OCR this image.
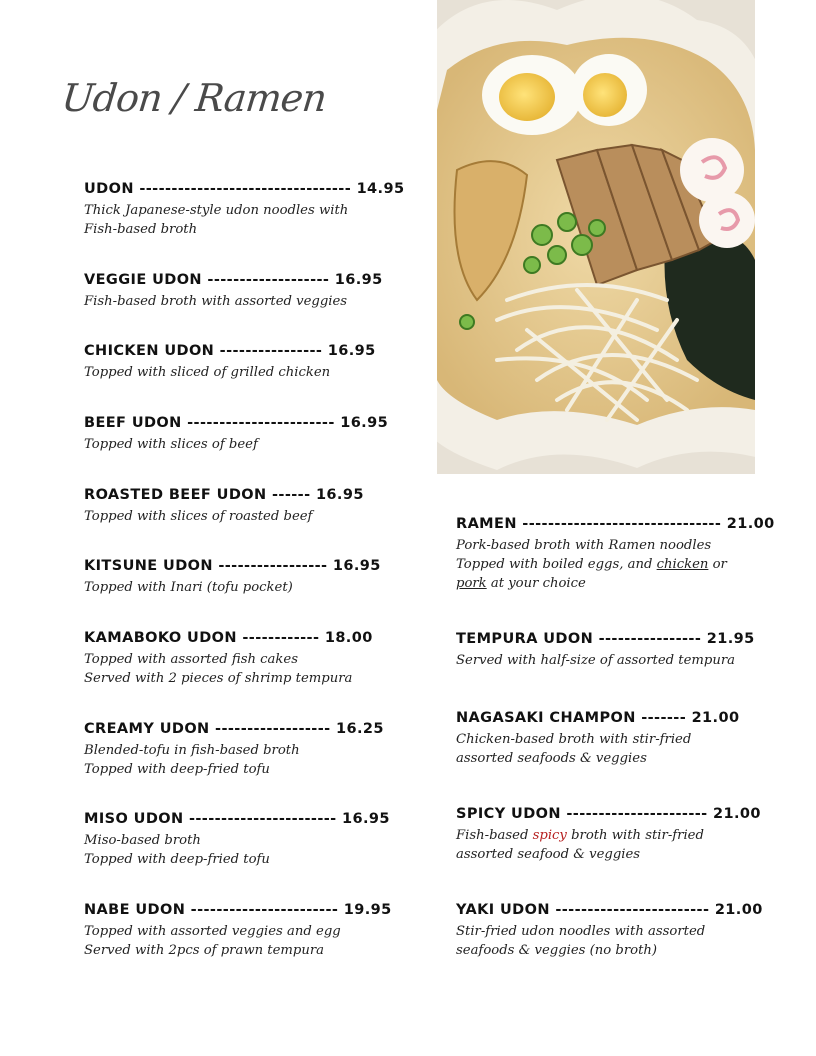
Udon / Ramen
UDON --------------------------------- 14.95
Thick Japanese-style udon noodles with
Fish-based broth
VEGGIE UDON ------------------- 16.95
Fish-based broth with assorted veggies
CHICKEN UDON ---------------- 16.95
Topped with sliced of grilled chicken
BEEF UDON ----------------------- 16.95
Topped with slices of beef
ROASTED BEEF UDON ------ 16.95
Topped with slices of roasted beef
KITSUNE UDON ----------------- 16.95
Topped with Inari (tofu pocket)
KAMABOKO UDON ------------ 18.00
Topped with assorted fish cakes
Served with 2 pieces of shrimp tempura
CREAMY UDON ------------------ 16.25
Blended-tofu in fish-based broth
Topped with deep-fried tofu
MISO UDON ----------------------- 16.95
Miso-based broth
Topped with deep-fried tofu
NABE UDON ----------------------- 19.95
Topped with assorted veggies and egg
Served with 2pcs of prawn tempura
RAMEN ------------------------------- 21.00
Pork-based broth with Ramen noodles
Topped with boiled eggs, and chicken or
pork at your choice
TEMPURA UDON ---------------- 21.95
Served with half-size of assorted tempura
NAGASAKI CHAMPON ------- 21.00
Chicken-based broth with stir-fried
assorted seafoods & veggies
SPICY UDON ---------------------- 21.00
Fish-based spicy broth with stir-fried
assorted seafood & veggies
YAKI UDON ------------------------ 21.00
Stir-fried udon noodles with assorted
seafoods & veggies (no broth)
